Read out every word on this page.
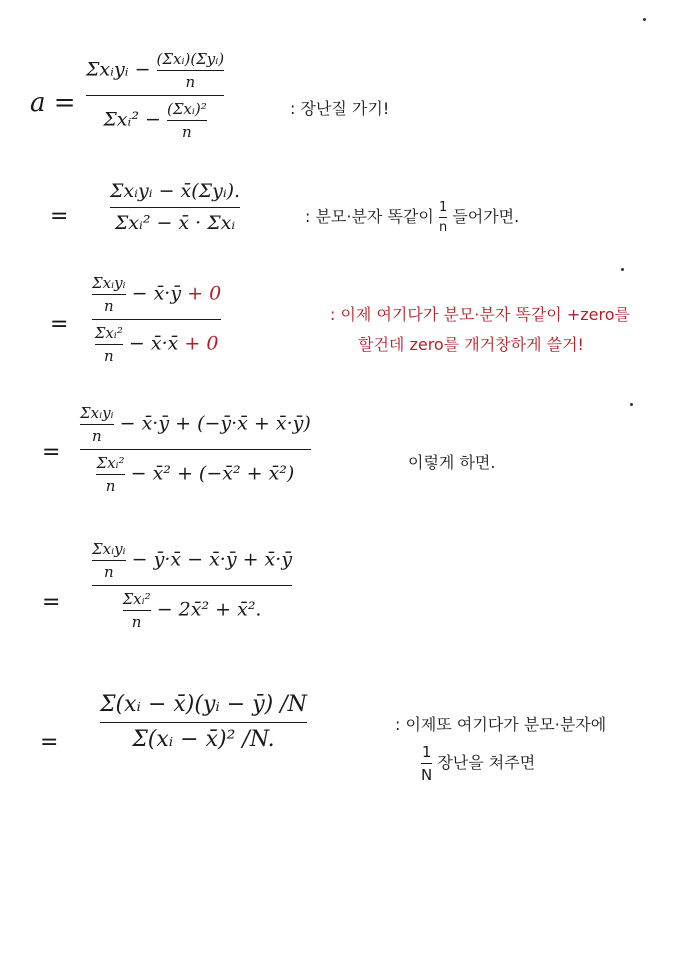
a =
Σxᵢyᵢ − $\frac{\text{(Σxᵢ)(Σyᵢ)}}{n}$
Σxᵢ² − $\frac{\text{(Σxᵢ)²}}{n}$	: 장난질 가기!
=
Σxᵢyᵢ − x̄(Σyᵢ).
Σxᵢ² − x̄ · Σxᵢ	: 분모·분자 똑같이 $\frac{1}{n}$ 들어가면.
=
$\frac{\text{Σxᵢyᵢ}}{n}$ − x̄·ȳ + 0
$\frac{\text{Σxᵢ²}}{n}$ − x̄·x̄ + 0
: 이제 여기다가 분모·분자 똑같이 +zero를
할건데 zero를 개거창하게 쓸거!
=
$\frac{\text{Σxᵢyᵢ}}{n}$ − x̄·ȳ + (−ȳ·x̄ + x̄·ȳ)
$\frac{\text{Σxᵢ²}}{n}$ − x̄² + (−x̄² + x̄²)	이렇게 하면.
=
$\frac{\text{Σxᵢyᵢ}}{n}$ − ȳ·x̄ − x̄·ȳ + x̄·ȳ
$\frac{\text{Σxᵢ²}}{n}$ − 2x̄² + x̄².
=
Σ(xᵢ − x̄)(yᵢ − ȳ) /N
Σ(xᵢ − x̄)² /N.
: 이제또 여기다가 분모·분자에
$\frac{1}{N}$ 장난을 쳐주면
